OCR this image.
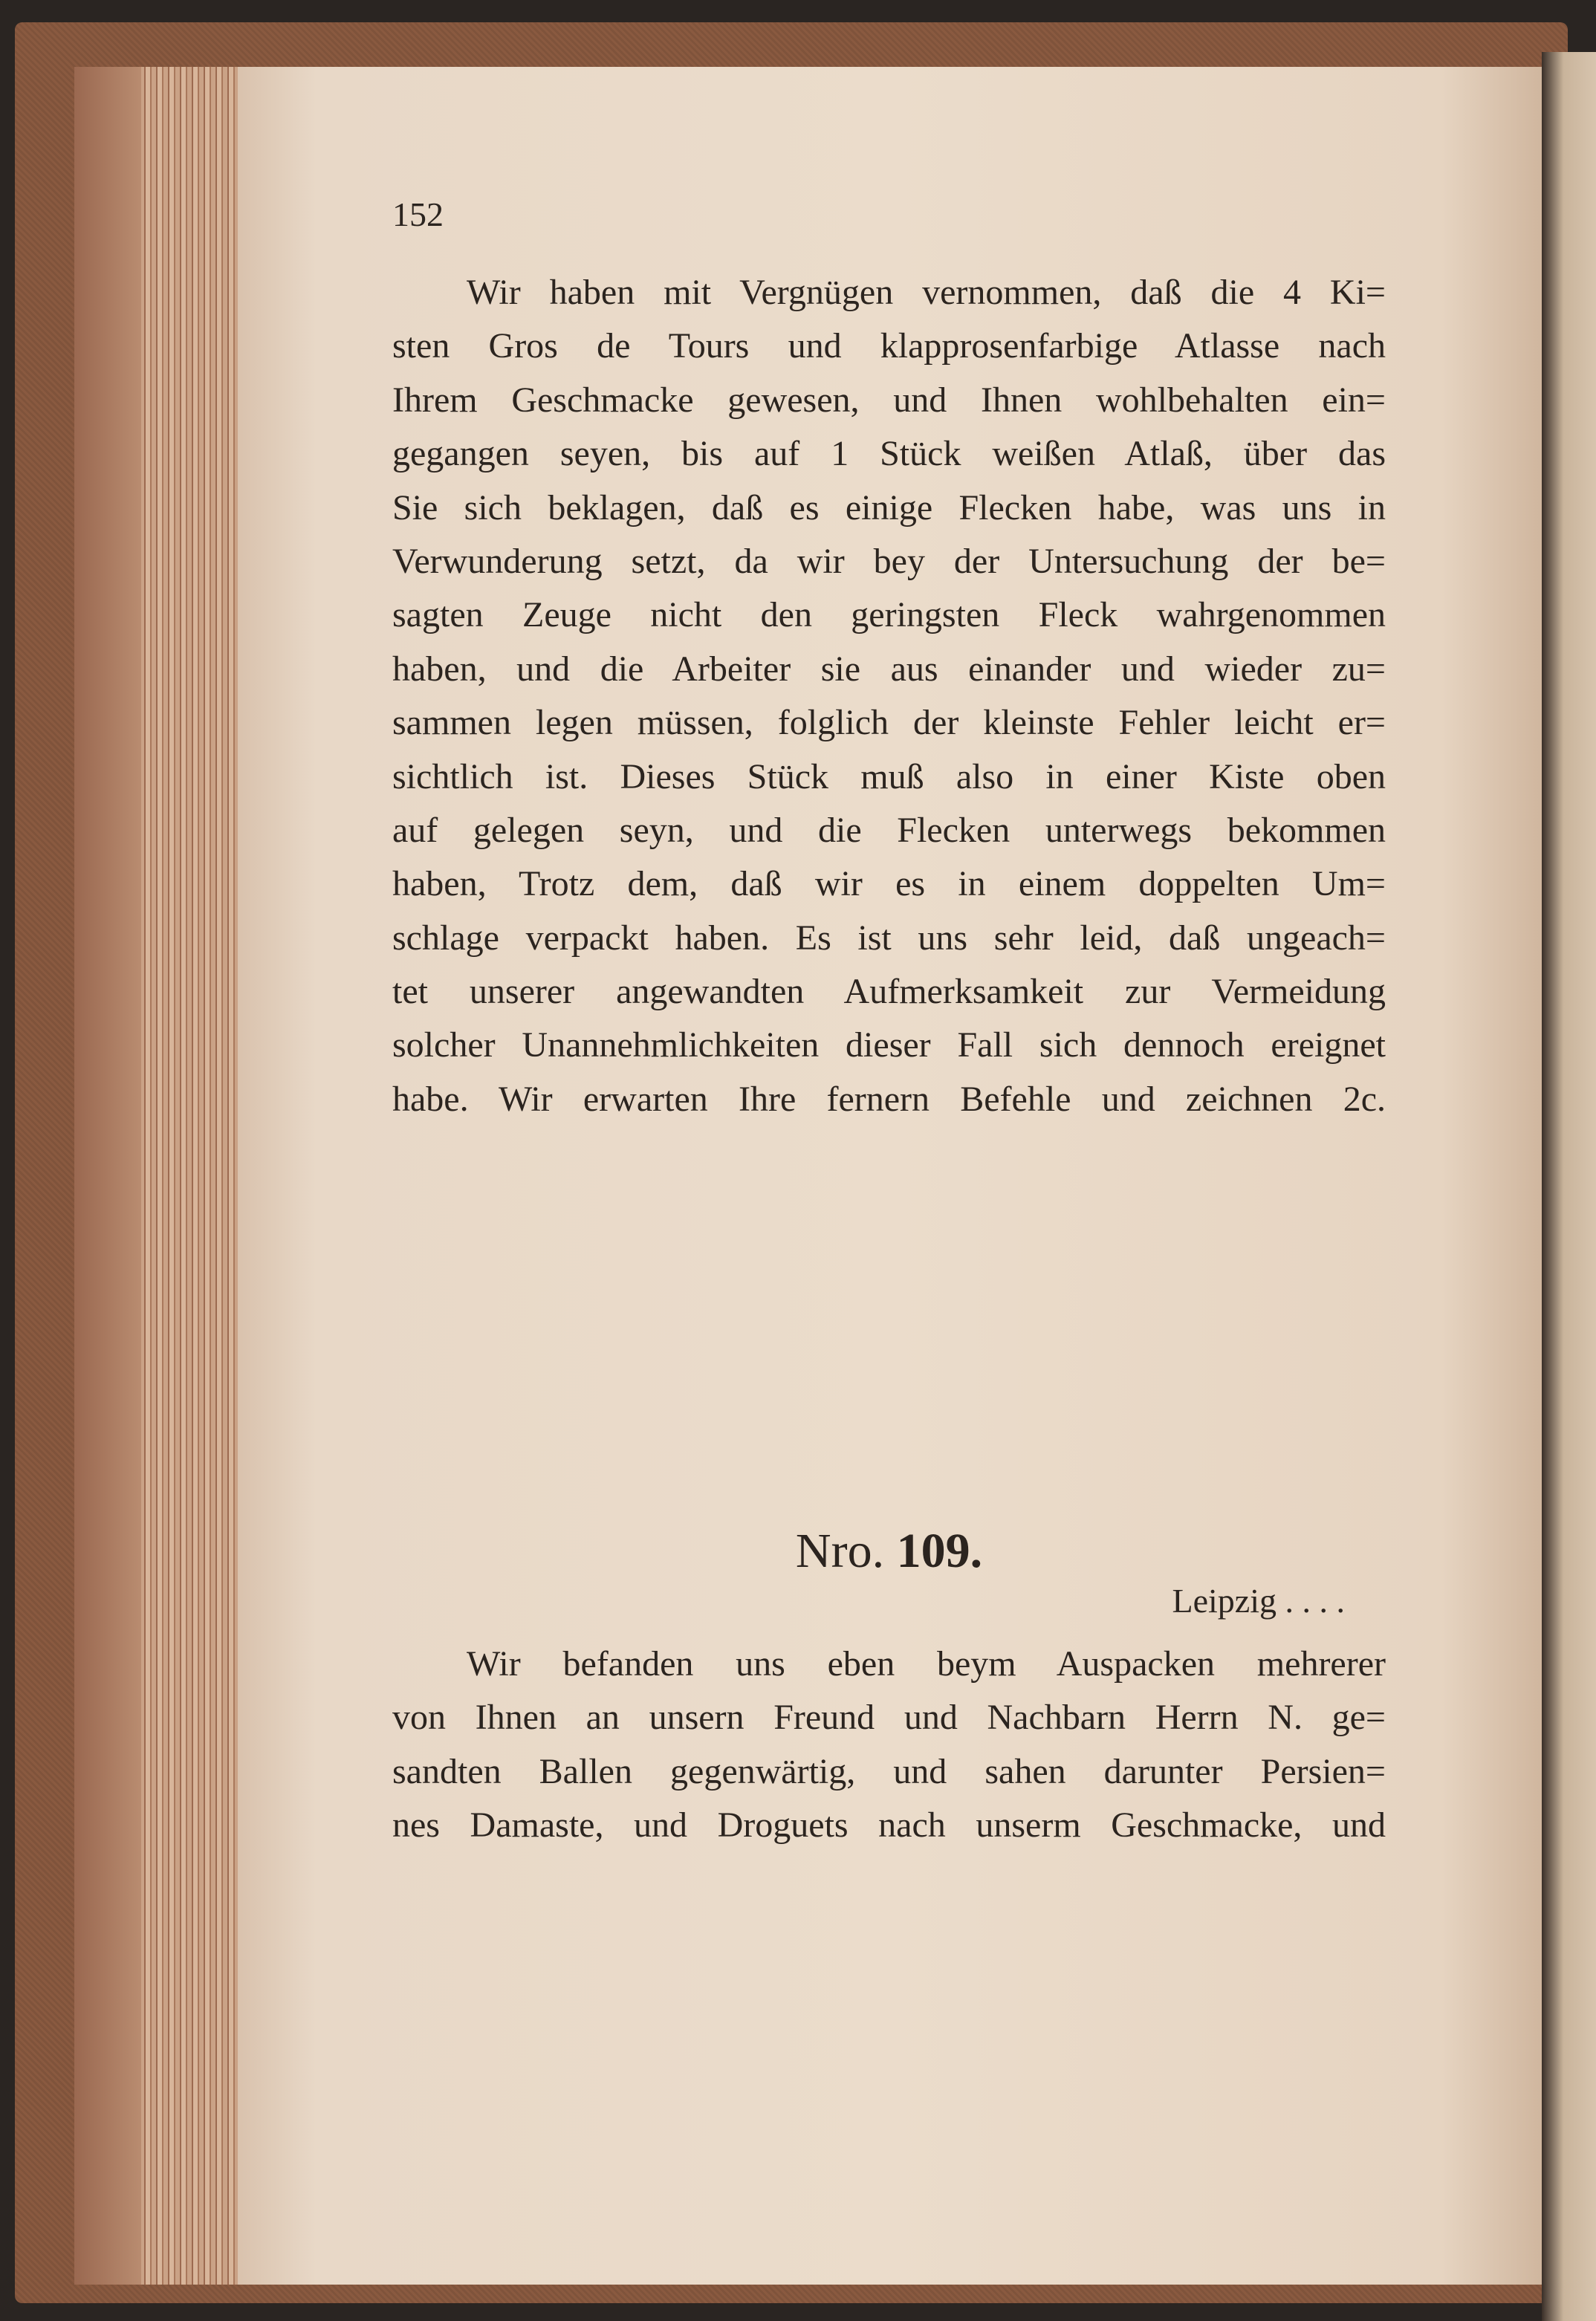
152
Wir haben mit Vergnügen vernommen, daß die 4 Ki=
sten Gros de Tours und klapprosenfarbige Atlasse nach
Ihrem Geschmacke gewesen, und Ihnen wohlbehalten ein=
gegangen seyen, bis auf 1 Stück weißen Atlaß, über das
Sie sich beklagen, daß es einige Flecken habe, was uns in
Verwunderung setzt, da wir bey der Untersuchung der be=
sagten Zeuge nicht den geringsten Fleck wahrgenommen
haben, und die Arbeiter sie aus einander und wieder zu=
sammen legen müssen, folglich der kleinste Fehler leicht er=
sichtlich ist. Dieses Stück muß also in einer Kiste oben
auf gelegen seyn, und die Flecken unterwegs bekommen
haben, Trotz dem, daß wir es in einem doppelten Um=
schlage verpackt haben. Es ist uns sehr leid, daß ungeach=
tet unserer angewandten Aufmerksamkeit zur Vermeidung
solcher Unannehmlichkeiten dieser Fall sich dennoch ereignet
habe. Wir erwarten Ihre fernern Befehle und zeichnen 2c.
Nro. 109.
Leipzig . . . .
Wir befanden uns eben beym Auspacken mehrerer
von Ihnen an unsern Freund und Nachbarn Herrn N. ge=
sandten Ballen gegenwärtig, und sahen darunter Persien=
nes Damaste, und Droguets nach unserm Geschmacke, und
